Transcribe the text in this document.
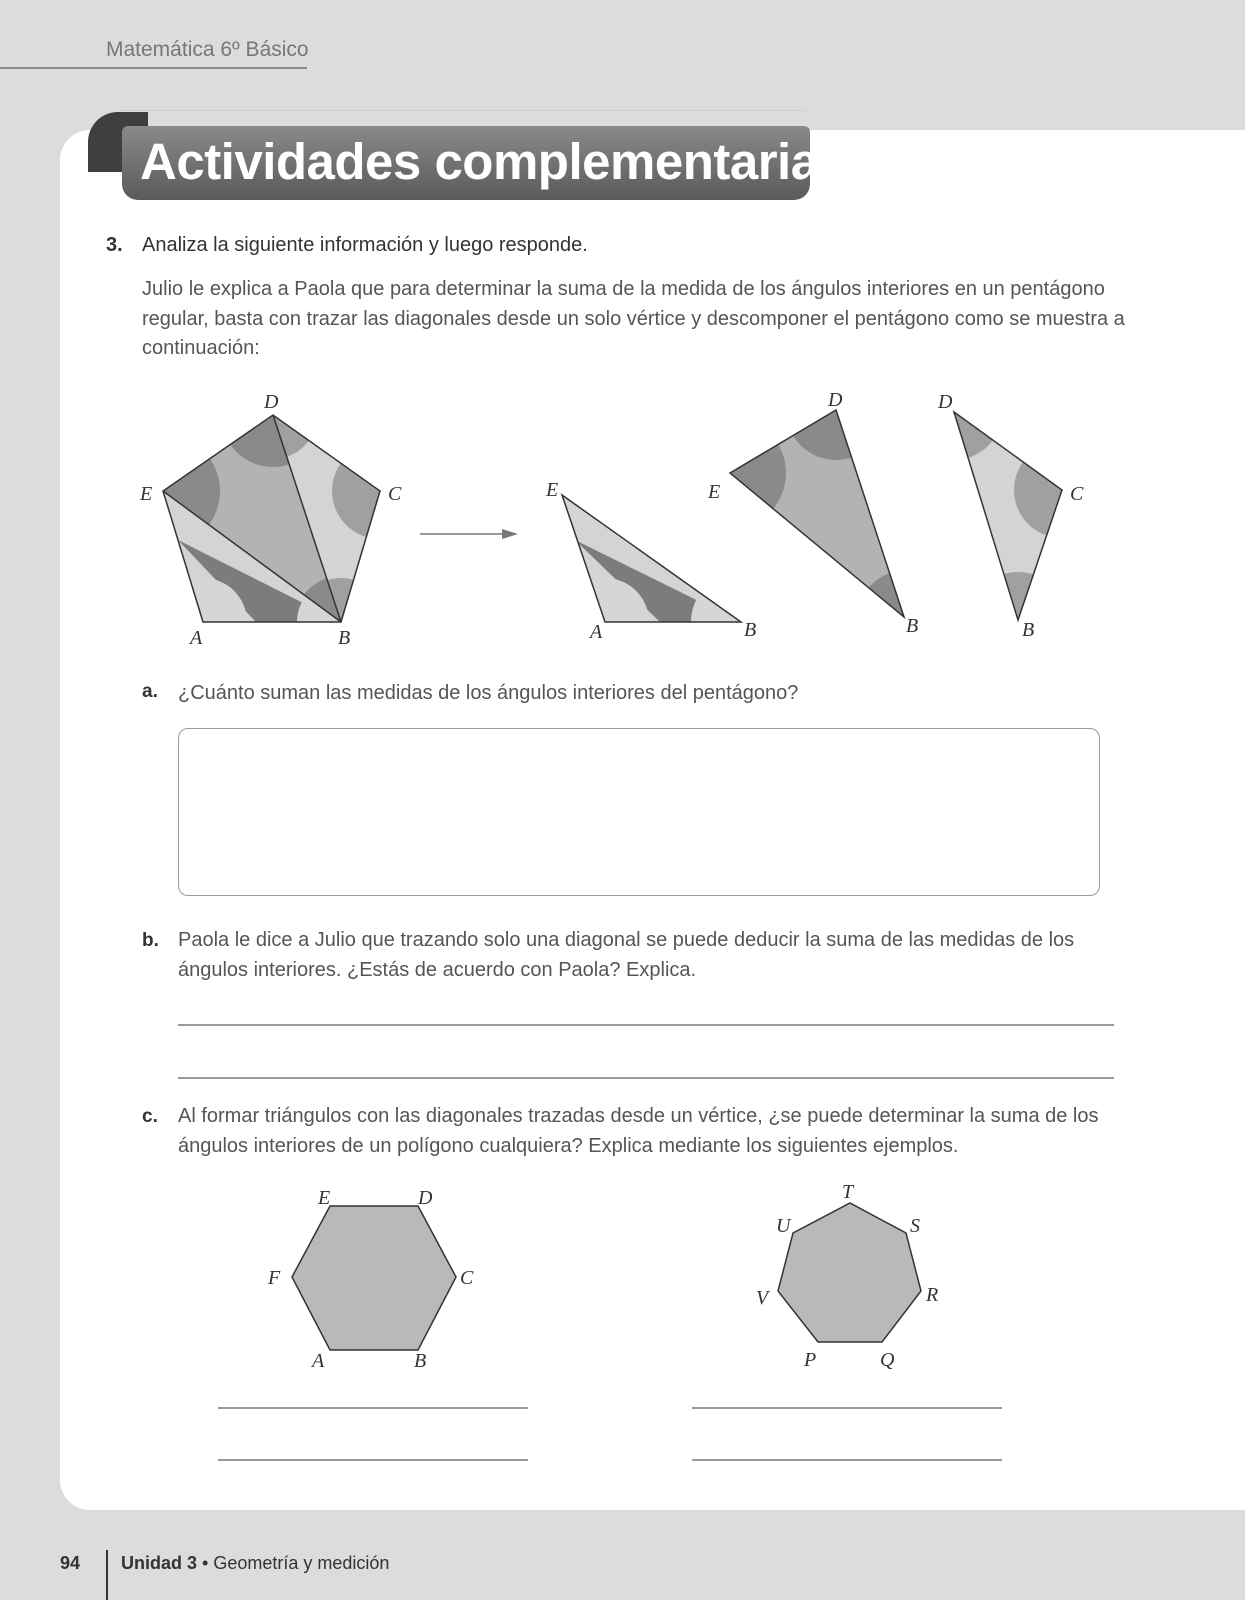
Matemática 6º Básico
Actividades complementarias
3. Analiza la siguiente información y luego responde.
Julio le explica a Paola que para determinar la suma de la medida de los ángulos interiores en un pentágono regular, basta con trazar las diagonales desde un solo vértice y descomponer el pentágono como se muestra a continuación:
D
E	C
A	B
E
A	B
D
E
B
D
C
B
E	D
F	C
A	B
T
U	S
V	R
P	Q
a. ¿Cuánto suman las medidas de los ángulos interiores del pentágono?
b. Paola le dice a Julio que trazando solo una diagonal se puede deducir la suma de las medidas de los ángulos interiores. ¿Estás de acuerdo con Paola? Explica.
c. Al formar triángulos con las diagonales trazadas desde un vértice, ¿se puede determinar la suma de los ángulos interiores de un polígono cualquiera? Explica mediante los siguientes ejemplos.
94 Unidad 3 • Geometría y medición
